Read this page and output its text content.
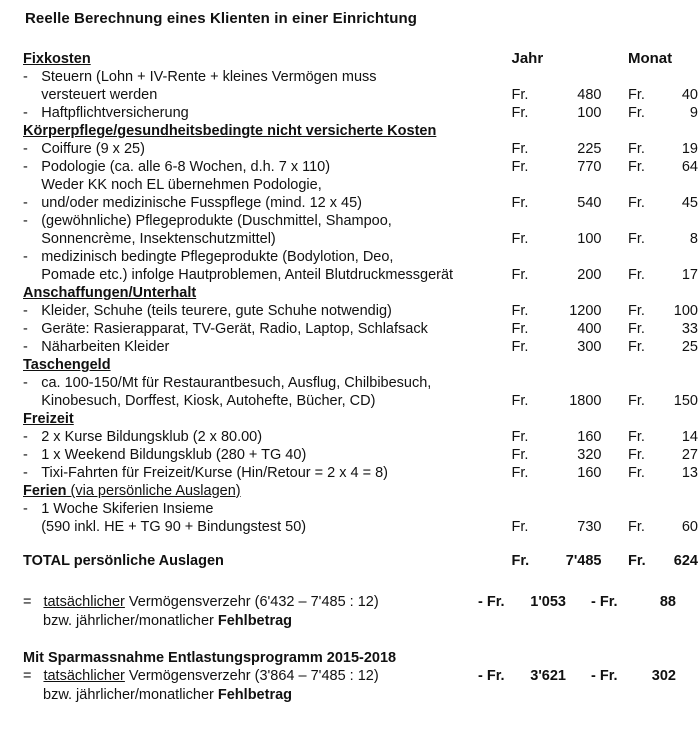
Reelle Berechnung eines Klienten in einer Einrichtung
Fixkosten		Jahr			Monat	
-	Steuern (Lohn + IV-Rente + kleines Vermögen muss					
	versteuert werden	Fr.	480		Fr.	40
-	Haftpflichtversicherung	Fr.	100		Fr.	9
Körperpflege/gesundheitsbedingte nicht versicherte Kosten						
-	Coiffure (9 x 25)	Fr.	225		Fr.	19
-	Podologie (ca. alle 6-8 Wochen, d.h. 7 x 110)	Fr.	770		Fr.	64
	Weder KK noch EL übernehmen Podologie,					
-	und/oder medizinische Fusspflege (mind. 12 x 45)	Fr.	540		Fr.	45
-	(gewöhnliche) Pflegeprodukte (Duschmittel, Shampoo,					
	Sonnencrème, Insektenschutzmittel)	Fr.	100		Fr.	8
-	medizinisch bedingte Pflegeprodukte (Bodylotion, Deo,					
	Pomade etc.) infolge Hautproblemen, Anteil Blutdruckmessgerät	Fr.	200		Fr.	17
Anschaffungen/Unterhalt						
-	Kleider, Schuhe (teils teurere, gute Schuhe notwendig)	Fr.	1200		Fr.	100
-	Geräte: Rasierapparat, TV-Gerät, Radio, Laptop, Schlafsack	Fr.	400		Fr.	33
-	Näharbeiten Kleider	Fr.	300		Fr.	25
Taschengeld						
-	ca. 100-150/Mt für Restaurantbesuch, Ausflug, Chilbibesuch,					
	Kinobesuch, Dorffest, Kiosk, Autohefte, Bücher, CD)	Fr.	1800		Fr.	150
Freizeit						
-	2 x Kurse Bildungsklub (2 x 80.00)	Fr.	160		Fr.	14
-	1 x Weekend Bildungsklub (280 + TG 40)	Fr.	320		Fr.	27
-	Tixi-Fahrten für Freizeit/Kurse (Hin/Retour = 2 x 4 = 8)	Fr.	160		Fr.	13
Ferien (via persönliche Auslagen)						
-	1 Woche Skiferien Insieme					
	(590 inkl. HE + TG 90 + Bindungstest 50)	Fr. 730			Fr. 60	

TOTAL persönliche Auslagen		Fr. 7'485			Fr. 624	
= tatsächlicher Vermögensverzehr (6'432 – 7'485 : 12)	- Fr. 1'053 - Fr.	88
bzw. jährlicher/monatlicher Fehlbetrag
Mit Sparmassnahme Entlastungsprogramm 2015-2018
= tatsächlicher Vermögensverzehr (3'864 – 7'485 : 12)	- Fr. 3'621 - Fr. 302
bzw. jährlicher/monatlicher Fehlbetrag
